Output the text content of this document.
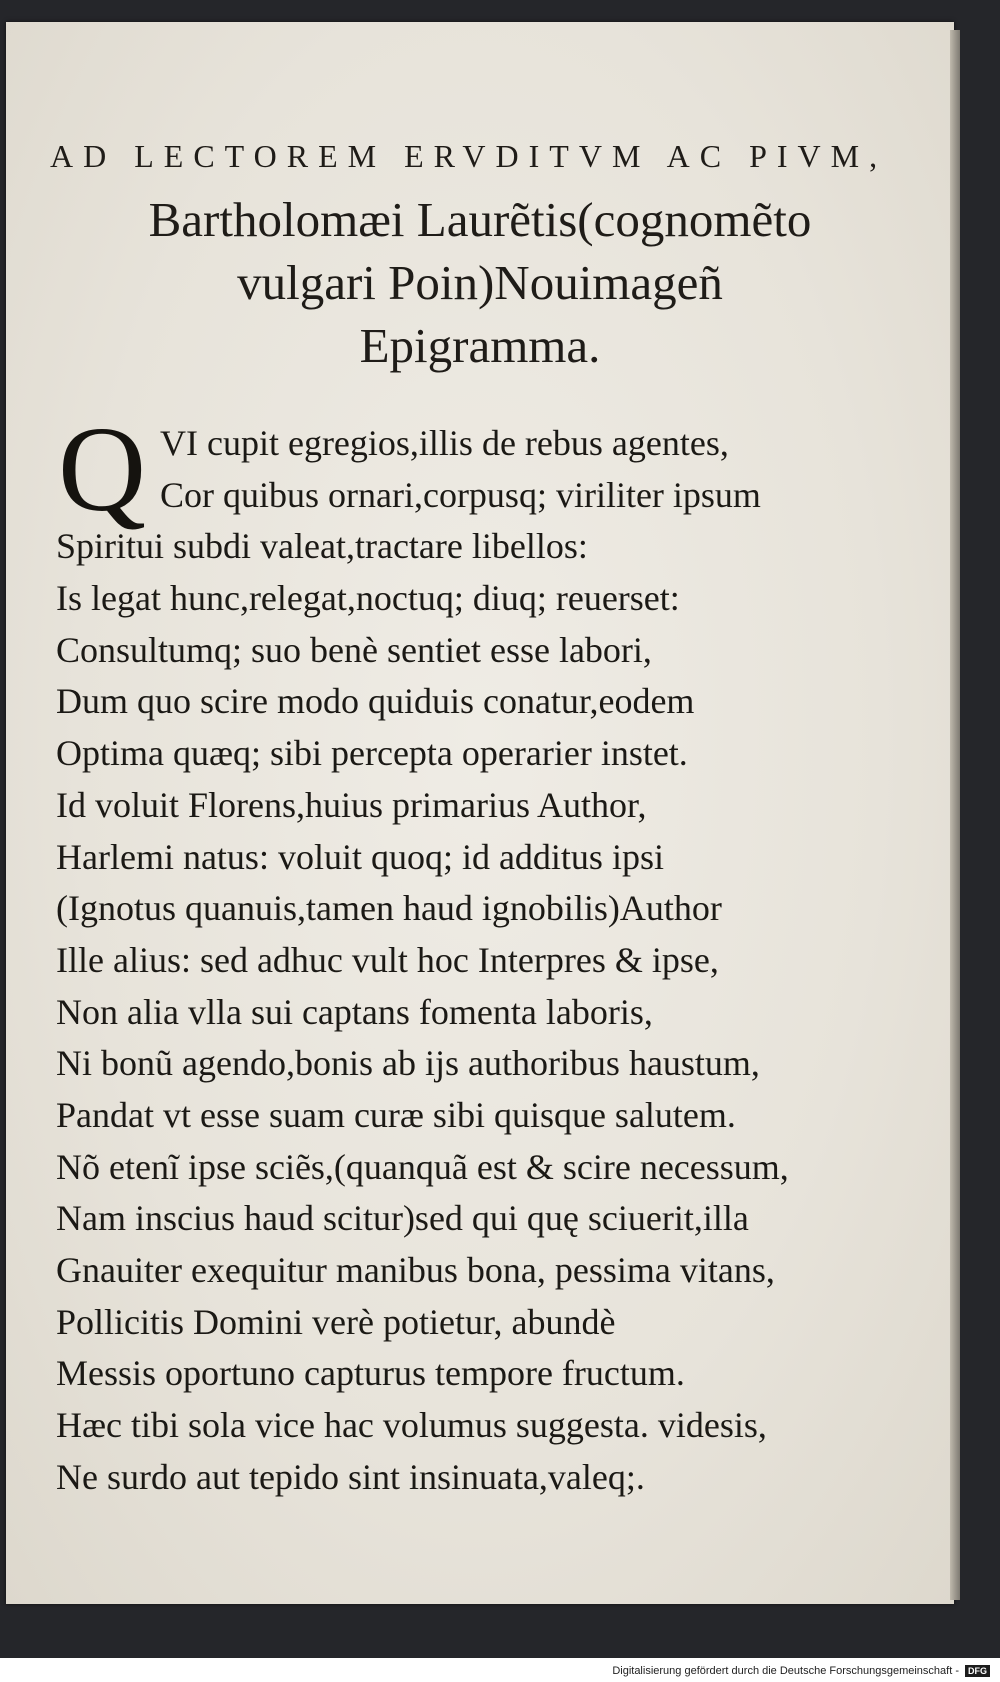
AD LECTOREM ERVDITVM AC PIVM,
Bartholomæi Laurẽtis(cognomẽto
vulgari Poin)Nouimageñ
Epigramma.
Q VI cupit egregios,illis de rebus agentes,
Cor quibus ornari,corpusq; viriliter ipsum
Spiritui subdi valeat,tractare libellos:
Is legat hunc,relegat,noctuq; diuq; reuerset:
Consultumq; suo benè sentiet esse labori,
Dum quo scire modo quiduis conatur,eodem
Optima quæq; sibi percepta operarier instet.
Id voluit Florens,huius primarius Author,
Harlemi natus: voluit quoq; id additus ipsi
(Ignotus quanuis,tamen haud ignobilis)Author
Ille alius: sed adhuc vult hoc Interpres & ipse,
Non alia vlla sui captans fomenta laboris,
Ni bonũ agendo,bonis ab ijs authoribus haustum,
Pandat vt esse suam curæ sibi quisque salutem.
Nõ etenĩ ipse sciẽs,(quanquã est & scire necessum,
Nam inscius haud scitur)sed qui quę sciuerit,illa
Gnauiter exequitur manibus bona, pessima vitans,
Pollicitis Domini verè potietur, abundè
Messis oportuno capturus tempore fructum.
Hæc tibi sola vice hac volumus suggesta. videsis,
Ne surdo aut tepido sint insinuata,valeq;.
Digitalisierung gefördert durch die Deutsche Forschungsgemeinschaft -	DFG
